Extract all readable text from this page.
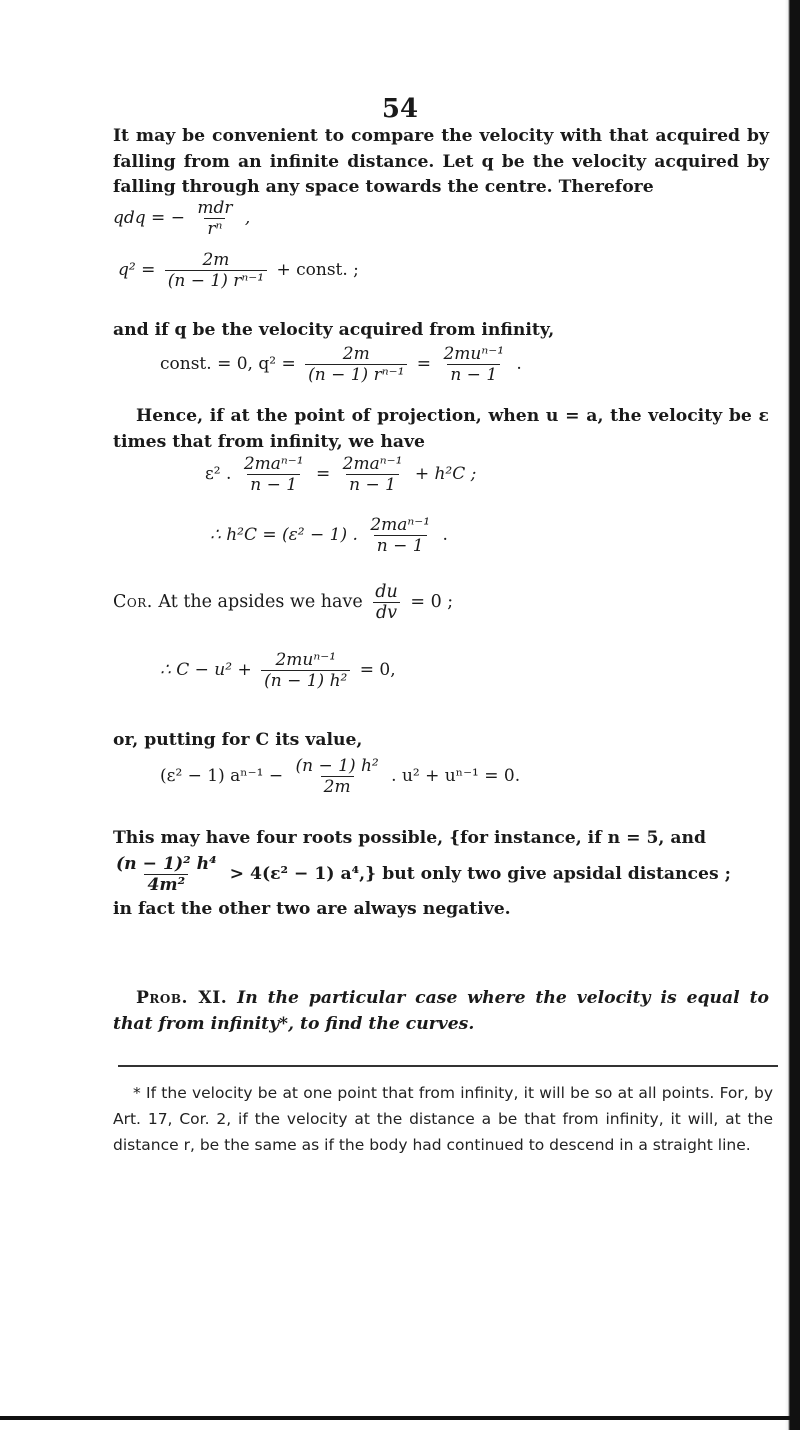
54
It may be convenient to compare the velocity with that acquired by falling from an infinite distance. Let q be the velocity acquired by falling through any space towards the centre. Therefore
qdq = − $\frac{\text{mdr}}{\text{rⁿ}}$ ,
$q^2 = \frac{2m}{\text{(n − 1) rⁿ⁻¹}}$ + const. ;
and if q be the velocity acquired from infinity,
const. = 0, $q^2 = \frac{2m}{\text{(n − 1) rⁿ⁻¹}} = \frac{\text{2muⁿ⁻¹}}{n - 1}$ .
Hence, if at the point of projection, when u = a, the velocity be ε times that from infinity, we have
ε² . $\frac{\text{2maⁿ⁻¹}}{n - 1} = \frac{\text{2maⁿ⁻¹}}{n - 1} + h^2C$ ;
∴ h²C = (ε² − 1) . $\frac{\text{2maⁿ⁻¹}}{n - 1}$ .
Cor. At the apsides we have $\frac{du}{dv} = 0$ ;
∴ $C - u^2 + \frac{\text{2muⁿ⁻¹}}{\text{(n − 1) h²}} = 0$,
or, putting for C its value,
(ε² − 1) $a^{n-1} - \frac{\text{(n − 1) h²}}{2m}$ . u² + uⁿ⁻¹ = 0.
This may have four roots possible, {for instance, if n = 5, and
$\frac{\text{(n − 1)² h⁴}}{\text{4m²}} > 4(\varepsilon^2 - 1)$ a⁴,} but only two give apsidal distances ;
in fact the other two are always negative.
Prob. XI. In the particular case where the velocity is equal to that from infinity*, to find the curves.
* If the velocity be at one point that from infinity, it will be so at all points. For, by Art. 17, Cor. 2, if the velocity at the distance a be that from infinity, it will, at the distance r, be the same as if the body had continued to descend in a straight line.
